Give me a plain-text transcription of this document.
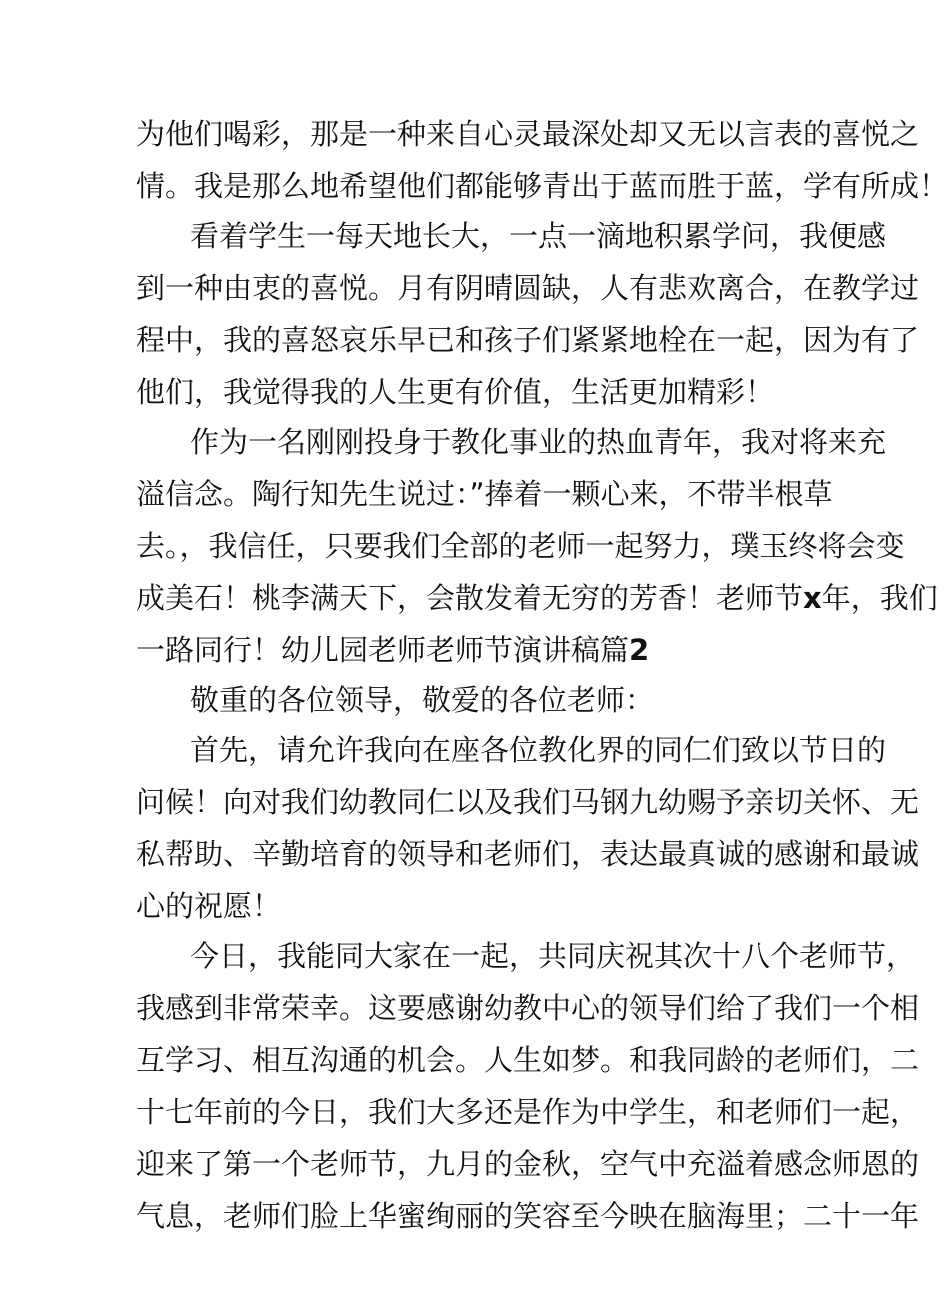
为他们喝彩，那是一种来自心灵最深处却又无以言表的喜悦之
情。我是那么地希望他们都能够青出于蓝而胜于蓝，学有所成！
看着学生一每天地长大，一点一滴地积累学问，我便感
到一种由衷的喜悦。月有阴晴圆缺，人有悲欢离合，在教学过
程中，我的喜怒哀乐早已和孩子们紧紧地栓在一起，因为有了
他们，我觉得我的人生更有价值，生活更加精彩！
作为一名刚刚投身于教化事业的热血青年，我对将来充
溢信念。陶行知先生说过：”捧着一颗心来，不带半根草
去。，我信任，只要我们全部的老师一起努力，璞玉终将会变
成美石！桃李满天下，会散发着无穷的芳香！老师节x年，我们
一路同行！幼儿园老师老师节演讲稿篇2
敬重的各位领导，敬爱的各位老师：
首先，请允许我向在座各位教化界的同仁们致以节日的
问候！向对我们幼教同仁以及我们马钢九幼赐予亲切关怀、无
私帮助、辛勤培育的领导和老师们，表达最真诚的感谢和最诚
心的祝愿！
今日，我能同大家在一起，共同庆祝其次十八个老师节，
我感到非常荣幸。这要感谢幼教中心的领导们给了我们一个相
互学习、相互沟通的机会。人生如梦。和我同龄的老师们，二
十七年前的今日，我们大多还是作为中学生，和老师们一起，
迎来了第一个老师节，九月的金秋，空气中充溢着感念师恩的
气息，老师们脸上华蜜绚丽的笑容至今映在脑海里；二十一年
